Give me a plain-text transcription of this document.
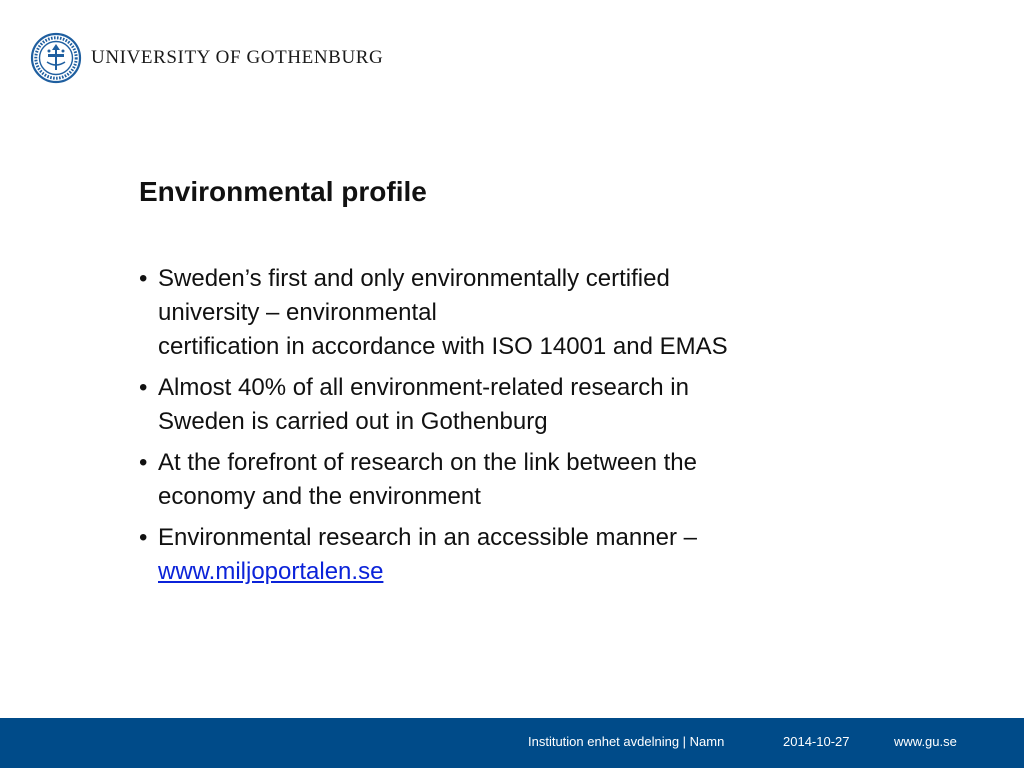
UNIVERSITY OF GOTHENBURG
Environmental profile
• Sweden’s first and only environmentally certified
university – environmental
certification in accordance with ISO 14001 and EMAS
• Almost 40% of all environment-related research in
Sweden is carried out in Gothenburg
• At the forefront of research on the link between the
economy and the environment
• Environmental research in an accessible manner –
www.miljoportalen.se
Institution enhet avdelning | Namn	2014-10-27	www.gu.se
